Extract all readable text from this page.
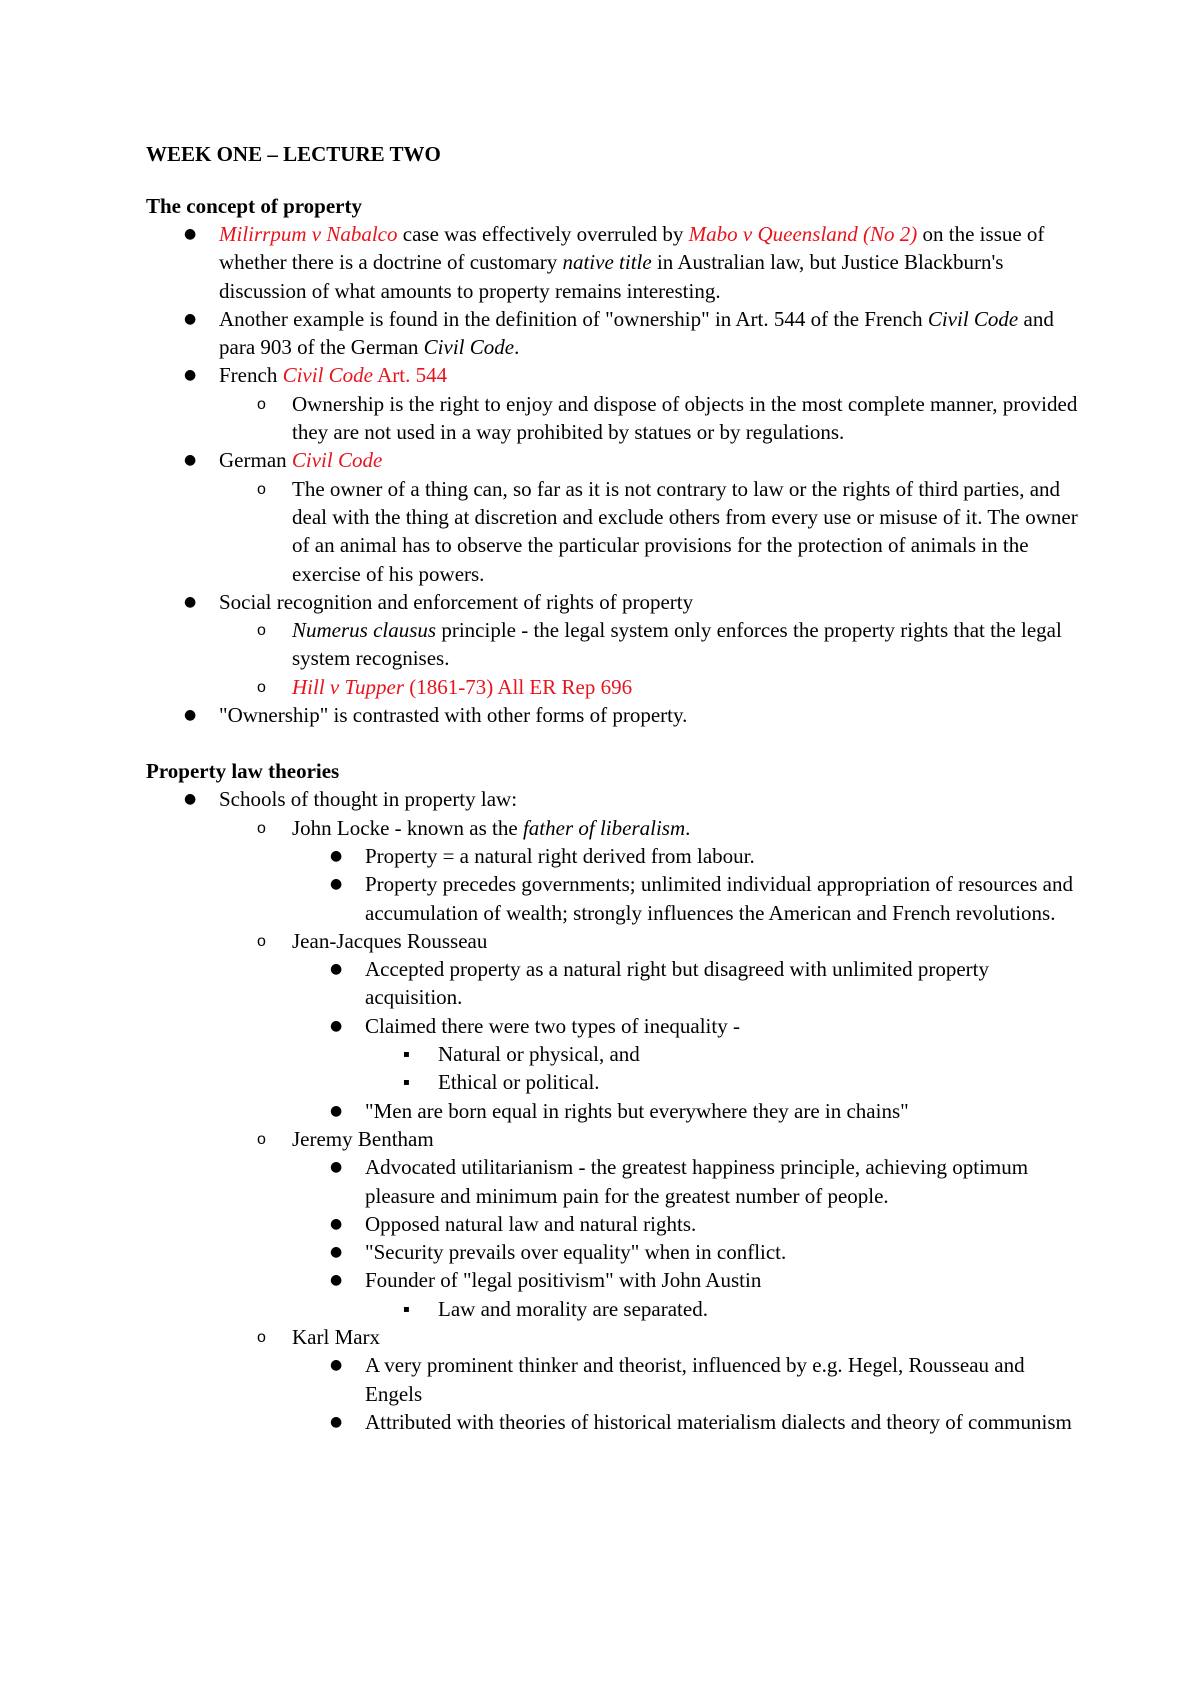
WEEK ONE – LECTURE TWO
The concept of property
● Milirrpum v Nabalco case was effectively overruled by Mabo v Queensland (No 2) on the issue of whether there is a doctrine of customary native title in Australian law, but Justice Blackburn's discussion of what amounts to property remains interesting.
● Another example is found in the definition of "ownership" in Art. 544 of the French Civil Code and para 903 of the German Civil Code.
● French Civil Code Art. 544
o Ownership is the right to enjoy and dispose of objects in the most complete manner, provided they are not used in a way prohibited by statues or by regulations.
● German Civil Code
o The owner of a thing can, so far as it is not contrary to law or the rights of third parties, and deal with the thing at discretion and exclude others from every use or misuse of it. The owner of an animal has to observe the particular provisions for the protection of animals in the exercise of his powers.
● Social recognition and enforcement of rights of property
o Numerus clausus principle - the legal system only enforces the property rights that the legal system recognises.
o Hill v Tupper (1861-73) All ER Rep 696
● "Ownership" is contrasted with other forms of property.
Property law theories
● Schools of thought in property law:
o John Locke - known as the father of liberalism.
● Property = a natural right derived from labour.
● Property precedes governments; unlimited individual appropriation of resources and accumulation of wealth; strongly influences the American and French revolutions.
o Jean-Jacques Rousseau
● Accepted property as a natural right but disagreed with unlimited property acquisition.
● Claimed there were two types of inequality -
▪ Natural or physical, and
▪ Ethical or political.
● "Men are born equal in rights but everywhere they are in chains"
o Jeremy Bentham
● Advocated utilitarianism - the greatest happiness principle, achieving optimum pleasure and minimum pain for the greatest number of people.
● Opposed natural law and natural rights.
● "Security prevails over equality" when in conflict.
● Founder of "legal positivism" with John Austin
▪ Law and morality are separated.
o Karl Marx
● A very prominent thinker and theorist, influenced by e.g. Hegel, Rousseau and Engels
● Attributed with theories of historical materialism dialects and theory of communism
